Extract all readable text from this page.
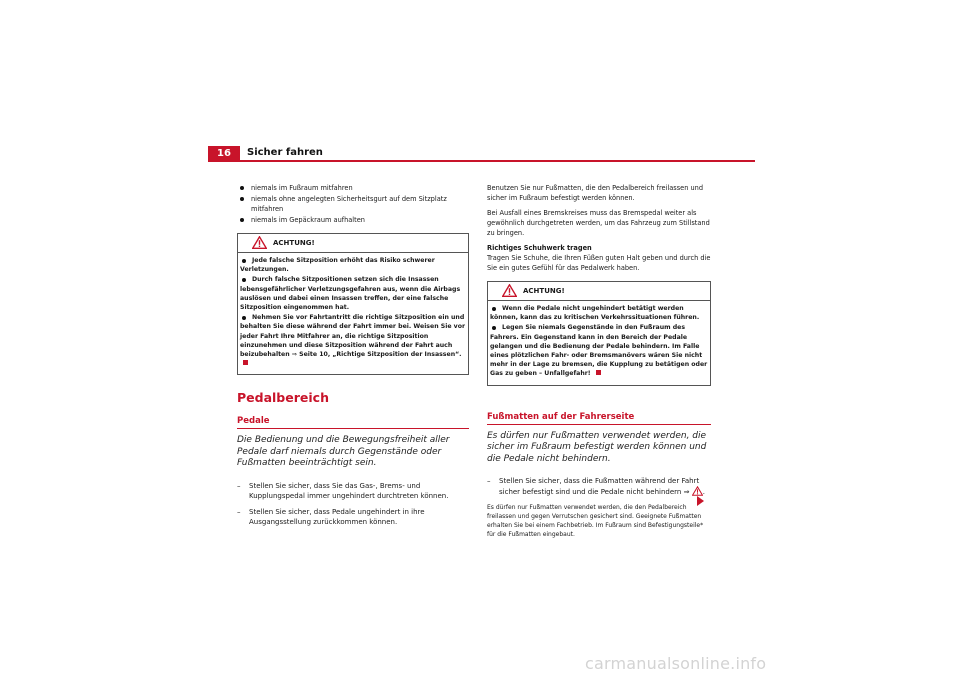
16	Sicher fahren
niemals im Fußraum mitfahren
niemals ohne angelegten Sicherheitsgurt auf dem Sitzplatz mitfahren
niemals im Gepäckraum aufhalten
ACHTUNG!
Jede falsche Sitzposition erhöht das Risiko schwerer Verletzungen.
Durch falsche Sitzpositionen setzen sich die Insassen lebensgefährlicher Verletzungsgefahren aus, wenn die Airbags auslösen und dabei einen Insassen treffen, der eine falsche Sitzposition eingenommen hat.
Nehmen Sie vor Fahrtantritt die richtige Sitzposition ein und behalten Sie diese während der Fahrt immer bei. Weisen Sie vor jeder Fahrt Ihre Mitfahrer an, die richtige Sitzposition einzunehmen und diese Sitzposition während der Fahrt auch beizubehalten ⇒ Seite 10, „Richtige Sitzposition der Insassen“.
Pedalbereich
Pedale
Die Bedienung und die Bewegungsfreiheit aller Pedale darf niemals durch Gegenstände oder Fußmatten beeinträchtigt sein.
– Stellen Sie sicher, dass Sie das Gas-, Brems- und Kupplungspedal immer ungehindert durchtreten können.
– Stellen Sie sicher, dass Pedale ungehindert in ihre Ausgangsstellung zurückkommen können.
Benutzen Sie nur Fußmatten, die den Pedalbereich freilassen und sicher im Fußraum befestigt werden können.
Bei Ausfall eines Bremskreises muss das Bremspedal weiter als gewöhnlich durchgetreten werden, um das Fahrzeug zum Stillstand zu bringen.
Richtiges Schuhwerk tragen
Tragen Sie Schuhe, die Ihren Füßen guten Halt geben und durch die Sie ein gutes Gefühl für das Pedalwerk haben.
ACHTUNG!
Wenn die Pedale nicht ungehindert betätigt werden können, kann das zu kritischen Verkehrssituationen führen.
Legen Sie niemals Gegenstände in den Fußraum des Fahrers. Ein Gegenstand kann in den Bereich der Pedale gelangen und die Bedienung der Pedale behindern. Im Falle eines plötzlichen Fahr- oder Bremsmanövers wären Sie nicht mehr in der Lage zu bremsen, die Kupplung zu betätigen oder Gas zu geben – Unfallgefahr!
Fußmatten auf der Fahrerseite
Es dürfen nur Fußmatten verwendet werden, die sicher im Fußraum befestigt werden können und die Pedale nicht behindern.
– Stellen Sie sicher, dass die Fußmatten während der Fahrt sicher befestigt sind und die Pedale nicht behindern ⇒ .
Es dürfen nur Fußmatten verwendet werden, die den Pedalbereich freilassen und gegen Verrutschen gesichert sind. Geeignete Fußmatten erhalten Sie bei einem Fachbetrieb. Im Fußraum sind Befestigungsteile* für die Fußmatten eingebaut.
carmanualsonline.info
